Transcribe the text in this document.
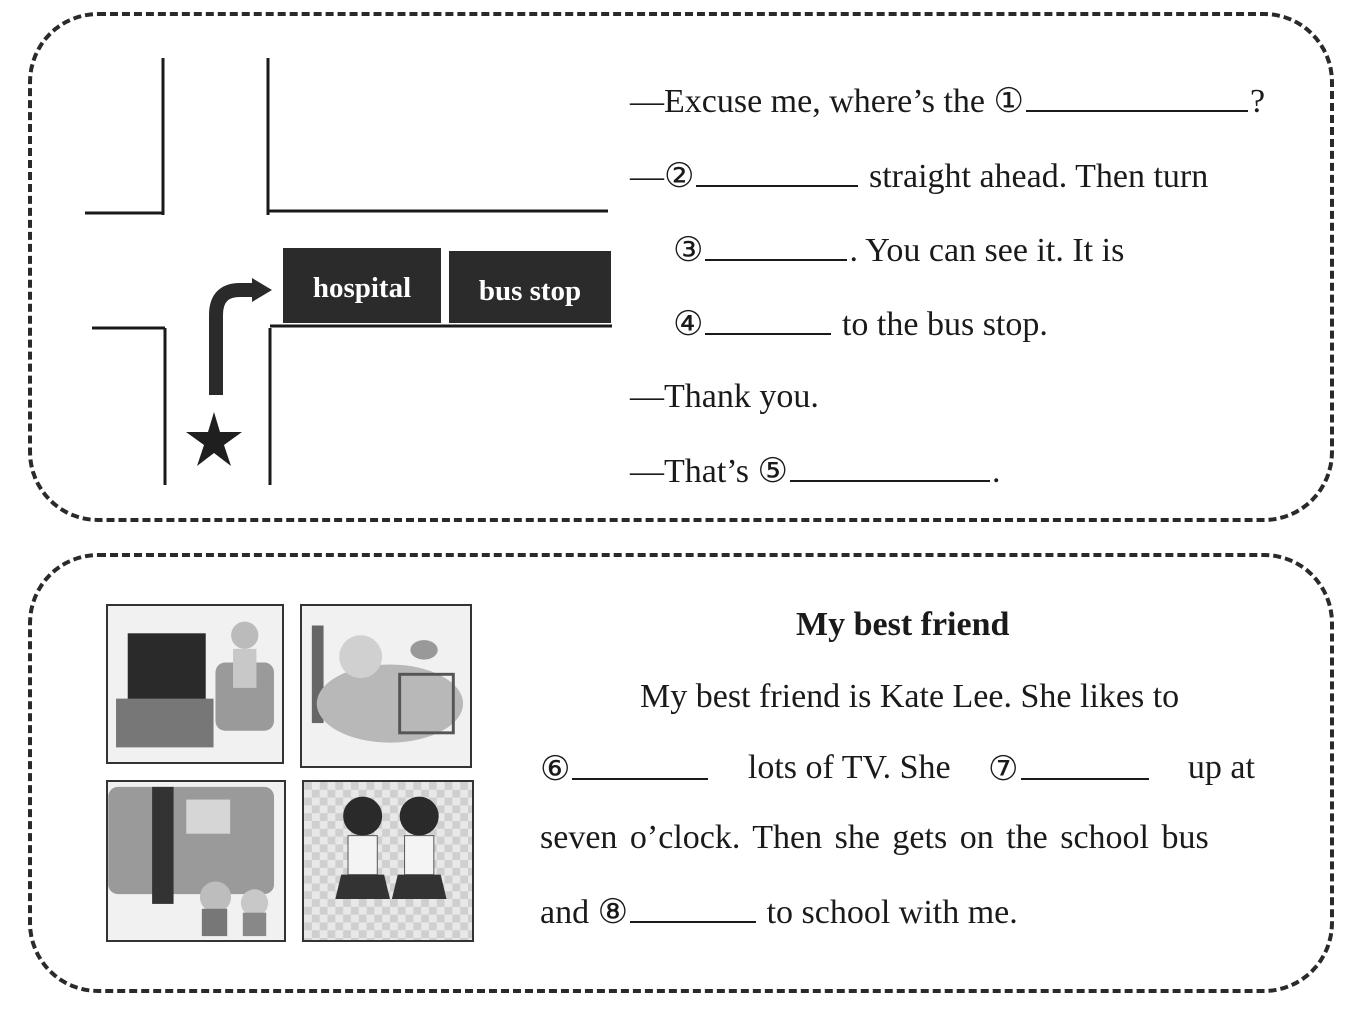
hospital bus stop
—Excuse me, where’s the ①	?
—②	straight ahead. Then turn
③	. You can see it. It is
④	to the bus stop.
—Thank you.
—That’s ⑤	.
My best friend
My best friend is Kate Lee. She likes to
⑥	lots of TV. She ⑦	up at
seven o’clock. Then she gets on the school bus
and ⑧	to school with me.
